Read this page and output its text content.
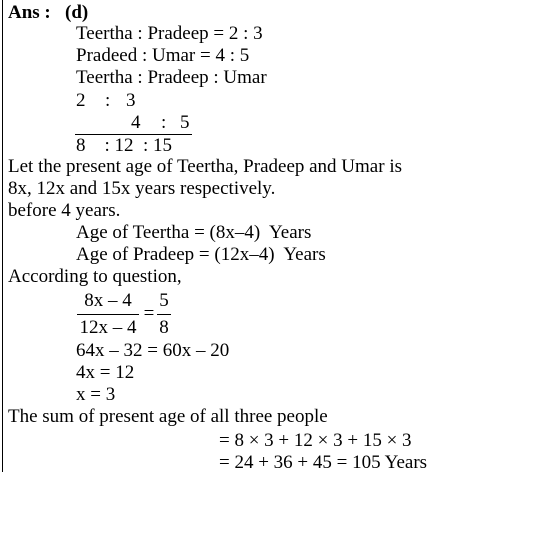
Ans : (d)
Teertha : Pradeep = 2 : 3
Pradeed : Umar = 4 : 5
Teertha : Pradeep : Umar
2 : 3
4 : 5
8    : 12  : 15
Let the present age of Teertha, Pradeep and Umar is
8x, 12x and 15x years respectively.
before 4 years.
Age of Teertha = (8x–4)  Years
Age of Pradeep = (12x–4)  Years
According to question,
8x – 4
12x – 4
=
5
8
64x – 32 = 60x – 20
4x = 12
x = 3
The sum of present age of all three people
= 8 × 3 + 12 × 3 + 15 × 3
= 24 + 36 + 45 = 105 Years
